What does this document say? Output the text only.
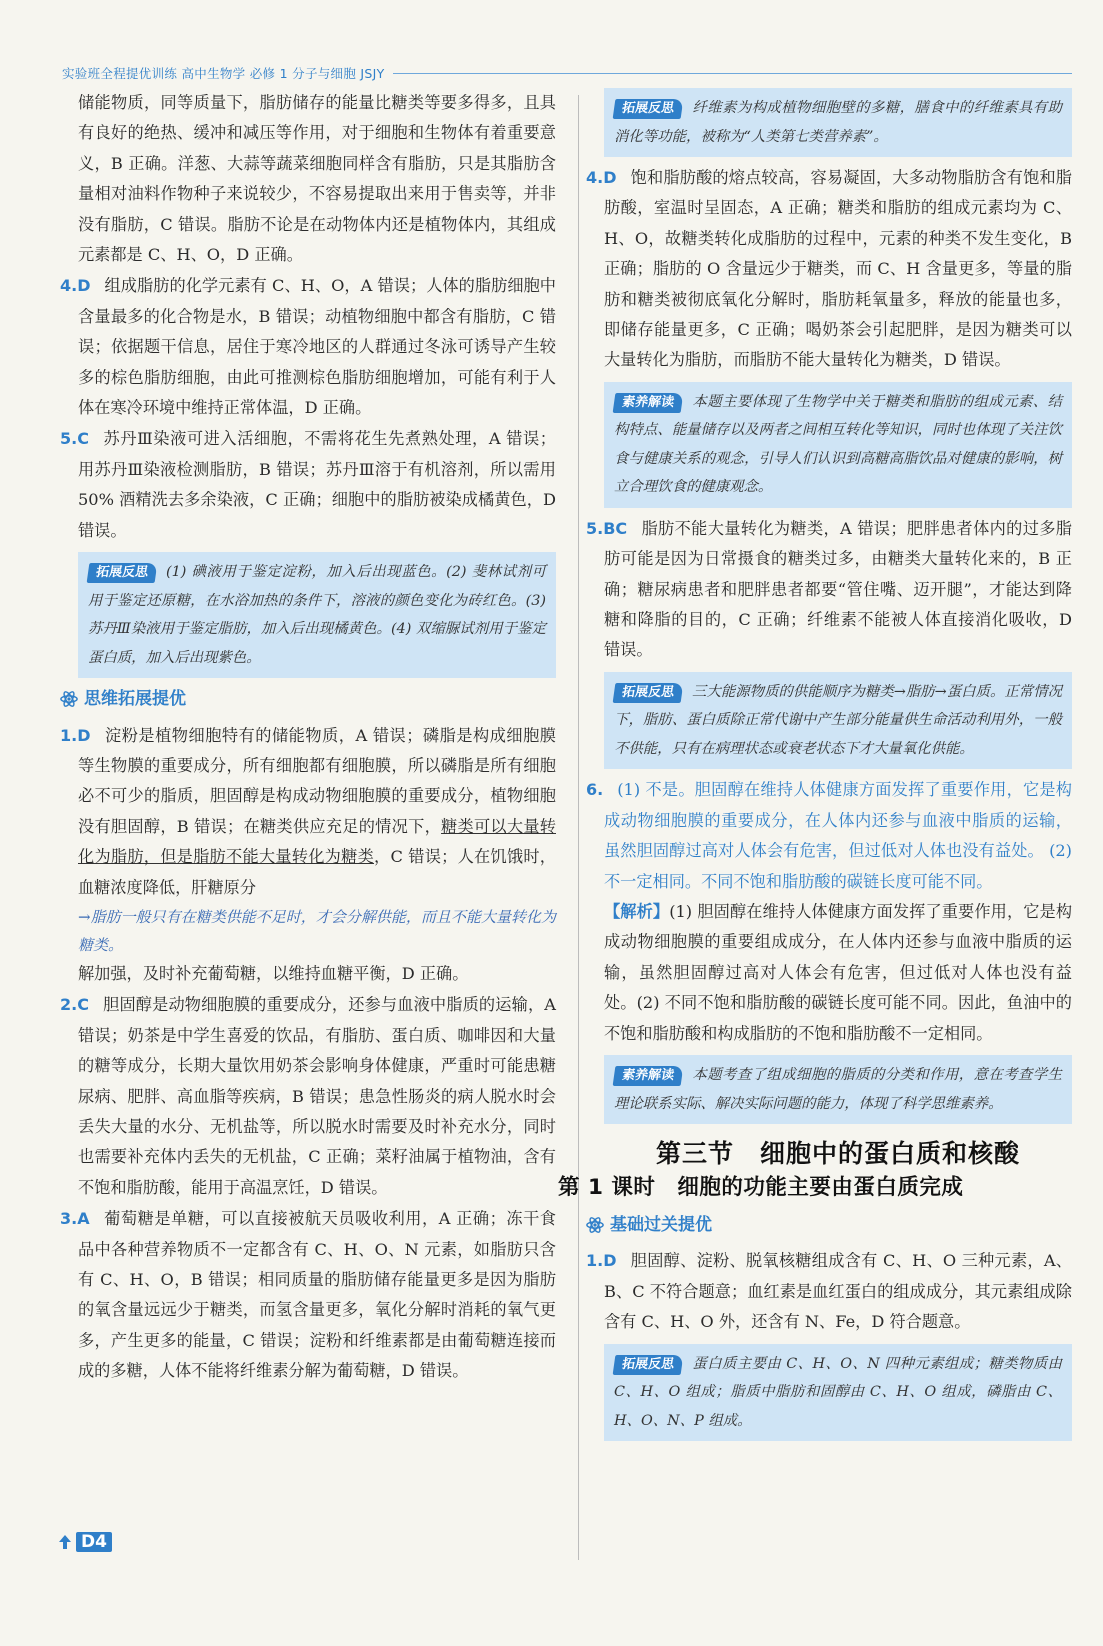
实验班全程提优训练 高中生物学 必修 1 分子与细胞 JSJY

储能物质，同等质量下，脂肪储存的能量比糖类等要多得多，且具有良好的绝热、缓冲和减压等作用，对于细胞和生物体有着重要意义，B 正确。洋葱、大蒜等蔬菜细胞同样含有脂肪，只是其脂肪含量相对油料作物种子来说较少，不容易提取出来用于售卖等，并非没有脂肪，C 错误。脂肪不论是在动物体内还是植物体内，其组成元素都是 C、H、O，D 正确。

4.D 组成脂肪的化学元素有 C、H、O，A 错误；人体的脂肪细胞中含量最多的化合物是水，B 错误；动植物细胞中都含有脂肪，C 错误；依据题干信息，居住于寒冷地区的人群通过冬泳可诱导产生较多的棕色脂肪细胞，由此可推测棕色脂肪细胞增加，可能有利于人体在寒冷环境中维持正常体温，D 正确。

5.C 苏丹Ⅲ染液可进入活细胞，不需将花生先煮熟处理，A 错误；用苏丹Ⅲ染液检测脂肪，B 错误；苏丹Ⅲ溶于有机溶剂，所以需用 50% 酒精洗去多余染液，C 正确；细胞中的脂肪被染成橘黄色，D 错误。

拓展反思 (1) 碘液用于鉴定淀粉，加入后出现蓝色。(2) 斐林试剂可用于鉴定还原糖，在水浴加热的条件下，溶液的颜色变化为砖红色。(3) 苏丹Ⅲ染液用于鉴定脂肪，加入后出现橘黄色。(4) 双缩脲试剂用于鉴定蛋白质，加入后出现紫色。
思维拓展提优

1.D 淀粉是植物细胞特有的储能物质，A 错误；磷脂是构成细胞膜等生物膜的重要成分，所有细胞都有细胞膜，所以磷脂是所有细胞必不可少的脂质，胆固醇是构成动物细胞膜的重要成分，植物细胞没有胆固醇，B 错误；在糖类供应充足的情况下，糖类可以大量转化为脂肪，但是脂肪不能大量转化为糖类，C 错误；人在饥饿时，血糖浓度降低，肝糖原分

→脂肪一般只有在糖类供能不足时，才会分解供能，而且不能大量转化为糖类。

解加强，及时补充葡萄糖，以维持血糖平衡，D 正确。

2.C 胆固醇是动物细胞膜的重要成分，还参与血液中脂质的运输，A 错误；奶茶是中学生喜爱的饮品，有脂肪、蛋白质、咖啡因和大量的糖等成分，长期大量饮用奶茶会影响身体健康，严重时可能患糖尿病、肥胖、高血脂等疾病，B 错误；患急性肠炎的病人脱水时会丢失大量的水分、无机盐等，所以脱水时需要及时补充水分，同时也需要补充体内丢失的无机盐，C 正确；菜籽油属于植物油，含有不饱和脂肪酸，能用于高温烹饪，D 错误。

3.A 葡萄糖是单糖，可以直接被航天员吸收利用，A 正确；冻干食品中各种营养物质不一定都含有 C、H、O、N 元素，如脂肪只含有 C、H、O，B 错误；相同质量的脂肪储存能量更多是因为脂肪的氧含量远远少于糖类，而氢含量更多，氧化分解时消耗的氧气更多，产生更多的能量，C 错误；淀粉和纤维素都是由葡萄糖连接而成的多糖，人体不能将纤维素分解为葡萄糖，D 错误。

拓展反思 纤维素为构成植物细胞壁的多糖，膳食中的纤维素具有助消化等功能，被称为“人类第七类营养素”。

4.D 饱和脂肪酸的熔点较高，容易凝固，大多动物脂肪含有饱和脂肪酸，室温时呈固态，A 正确；糖类和脂肪的组成元素均为 C、H、O，故糖类转化成脂肪的过程中，元素的种类不发生变化，B 正确；脂肪的 O 含量远少于糖类，而 C、H 含量更多，等量的脂肪和糖类被彻底氧化分解时，脂肪耗氧量多，释放的能量也多，即储存能量更多，C 正确；喝奶茶会引起肥胖，是因为糖类可以大量转化为脂肪，而脂肪不能大量转化为糖类，D 错误。

素养解读 本题主要体现了生物学中关于糖类和脂肪的组成元素、结构特点、能量储存以及两者之间相互转化等知识，同时也体现了关注饮食与健康关系的观念，引导人们认识到高糖高脂饮品对健康的影响，树立合理饮食的健康观念。

5.BC 脂肪不能大量转化为糖类，A 错误；肥胖患者体内的过多脂肪可能是因为日常摄食的糖类过多，由糖类大量转化来的，B 正确；糖尿病患者和肥胖患者都要“管住嘴、迈开腿”，才能达到降糖和降脂的目的，C 正确；纤维素不能被人体直接消化吸收，D 错误。

拓展反思 三大能源物质的供能顺序为糖类→脂肪→蛋白质。正常情况下，脂肪、蛋白质除正常代谢中产生部分能量供生命活动利用外，一般不供能，只有在病理状态或衰老状态下才大量氧化供能。

6. (1) 不是。胆固醇在维持人体健康方面发挥了重要作用，它是构成动物细胞膜的重要成分，在人体内还参与血液中脂质的运输，虽然胆固醇过高对人体会有危害，但过低对人体也没有益处。 (2) 不一定相同。不同不饱和脂肪酸的碳链长度可能不同。

【解析】(1) 胆固醇在维持人体健康方面发挥了重要作用，它是构成动物细胞膜的重要组成成分，在人体内还参与血液中脂质的运输，虽然胆固醇过高对人体会有危害，但过低对人体也没有益处。(2) 不同不饱和脂肪酸的碳链长度可能不同。因此，鱼油中的不饱和脂肪酸和构成脂肪的不饱和脂肪酸不一定相同。

素养解读 本题考查了组成细胞的脂质的分类和作用，意在考查学生理论联系实际、解决实际问题的能力，体现了科学思维素养。
第三节　细胞中的蛋白质和核酸
第 1 课时　细胞的功能主要由蛋白质完成
基础过关提优

1.D 胆固醇、淀粉、脱氧核糖组成含有 C、H、O 三种元素，A、B、C 不符合题意；血红素是血红蛋白的组成成分，其元素组成除含有 C、H、O 外，还含有 N、Fe，D 符合题意。

拓展反思 蛋白质主要由 C、H、O、N 四种元素组成；糖类物质由 C、H、O 组成；脂质中脂肪和固醇由 C、H、O 组成，磷脂由 C、H、O、N、P 组成。
D4
